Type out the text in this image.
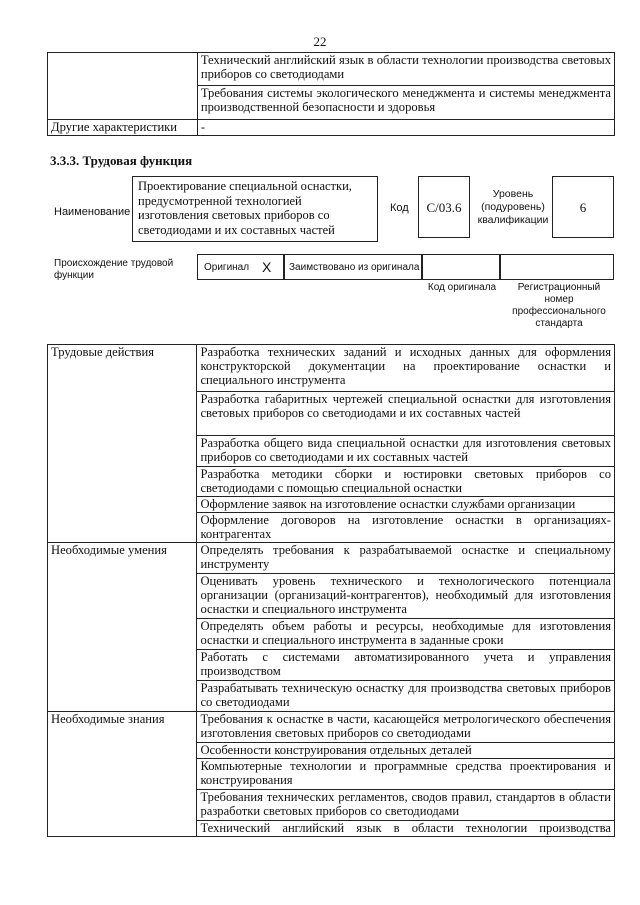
22
	Технический английский язык в области технологии производства световых приборов со светодиодами
	Требования системы экологического менеджмента и системы менеджмента производственной безопасности и здоровья
Другие характеристики	-
3.3.3. Трудовая функция
Наименование
Проектирование специальной оснастки, предусмотренной технологией изготовления световых приборов со светодиодами и их составных частей
Код	C/03.6
Уровень (подуровень) квалификации
6
Происхождение трудовой функции
Оригинал X Заимствовано из оригинала
Код оригинала	Регистрационный номер профессионального стандарта
Трудовые действия	Разработка технических заданий и исходных данных для оформления конструкторской документации на проектирование оснастки и специального инструмента
	Разработка габаритных чертежей специальной оснастки для изготовления световых приборов со светодиодами и их составных частей
	Разработка общего вида специальной оснастки для изготовления световых приборов со светодиодами и их составных частей
	Разработка методики сборки и юстировки световых приборов со светодиодами с помощью специальной оснастки
	Оформление заявок на изготовление оснастки службами организации
	Оформление договоров на изготовление оснастки в организациях-контрагентах
Необходимые умения	Определять требования к разрабатываемой оснастке и специальному инструменту
	Оценивать уровень технического и технологического потенциала организации (организаций-контрагентов), необходимый для изготовления оснастки и специального инструмента
	Определять объем работы и ресурсы, необходимые для изготовления оснастки и специального инструмента в заданные сроки
	Работать с системами автоматизированного учета и управления производством
	Разрабатывать техническую оснастку для производства световых приборов со светодиодами
Необходимые знания	Требования к оснастке в части, касающейся метрологического обеспечения изготовления световых приборов со светодиодами
	Особенности конструирования отдельных деталей
	Компьютерные технологии и программные средства проектирования и конструирования
	Требования технических регламентов, сводов правил, стандартов в области разработки световых приборов со светодиодами
	Технический английский язык в области технологии производства
